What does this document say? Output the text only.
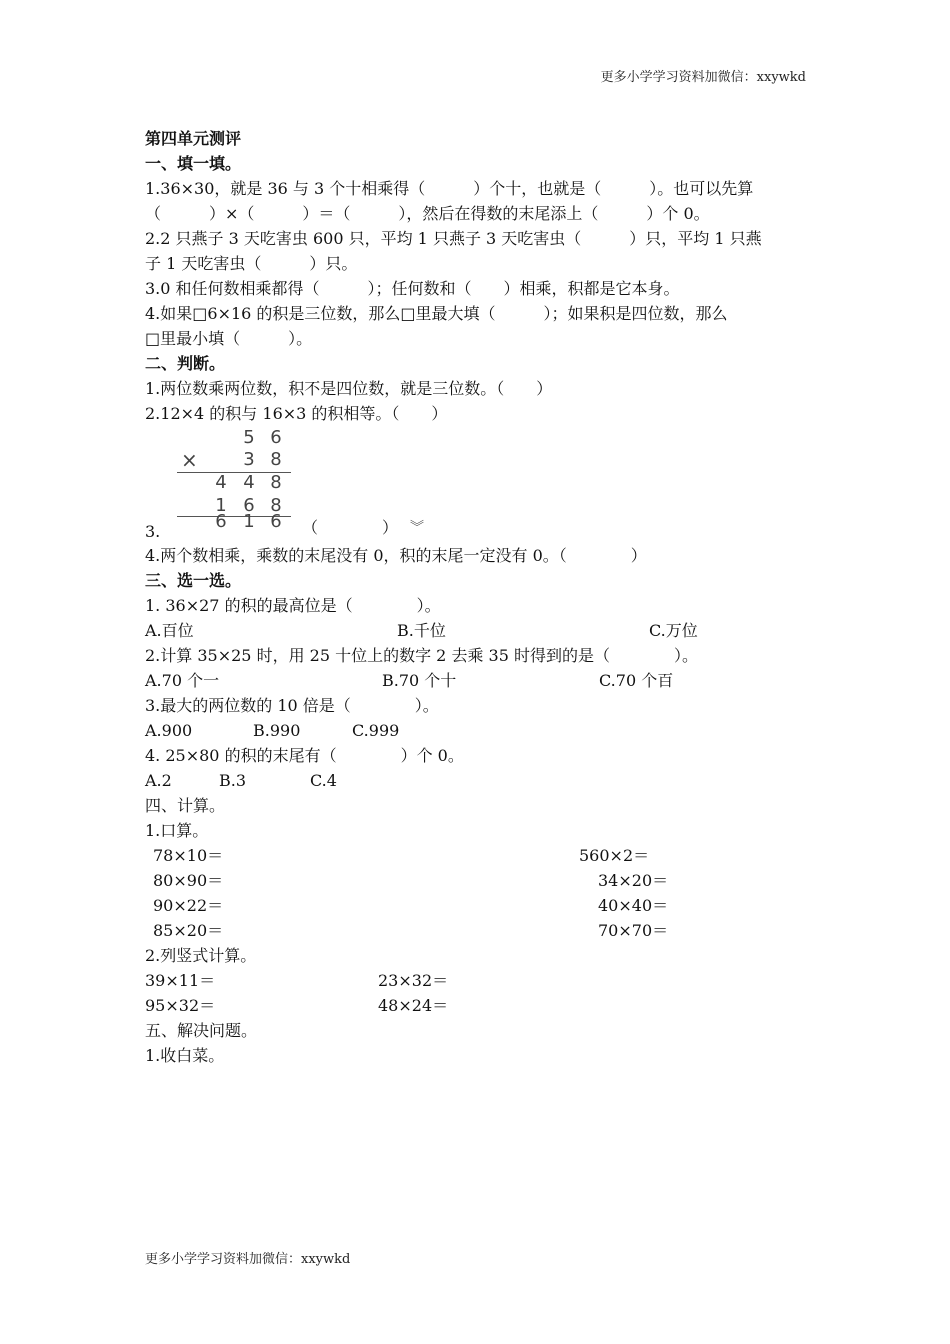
更多小学学习资料加微信：xxywkd
第四单元测评
一、填一填。
1.36×30，就是 36 与 3 个十相乘得（　　　）个十，也就是（　　　）。也可以先算
（　　　）×（　　　）＝（　　　），然后在得数的末尾添上（　　　）个 0。
2.2 只燕子 3 天吃害虫 600 只，平均 1 只燕子 3 天吃害虫（　　　）只，平均 1 只燕
子 1 天吃害虫（　　　）只。
3.0 和任何数相乘都得（　　　）；任何数和（　　）相乘，积都是它本身。
4.如果□6×16 的积是三位数，那么□里最大填（　　　）；如果积是四位数，那么
□里最小填（　　　）。
二、判断。
1.两位数乘两位数，积不是四位数，就是三位数。（　　）
2.12×4 的积与 16×3 的积相等。（　　）
5 6
×	3 8
4 4 8
1 6 8
3.	6 1 6 （　　　　） ︾
4.两个数相乘，乘数的末尾没有 0，积的末尾一定没有 0。（　　　　）
三、选一选。
1. 36×27 的积的最高位是（　　　　）。
A.百位	B.千位	C.万位
2.计算 35×25 时，用 25 十位上的数字 2 去乘 35 时得到的是（　　　　）。
A.70 个一	B.70 个十	C.70 个百
3.最大的两位数的 10 倍是（　　　　）。
A.900	B.990	C.999
4. 25×80 的积的末尾有（　　　　）个 0。
A.2	B.3	C.4
四、计算。
1.口算。
78×10＝	560×2＝
80×90＝	34×20＝
90×22＝	40×40＝
85×20＝	70×70＝
2.列竖式计算。
39×11＝	23×32＝
95×32＝	48×24＝
五、解决问题。
1.收白菜。
更多小学学习资料加微信：xxywkd
